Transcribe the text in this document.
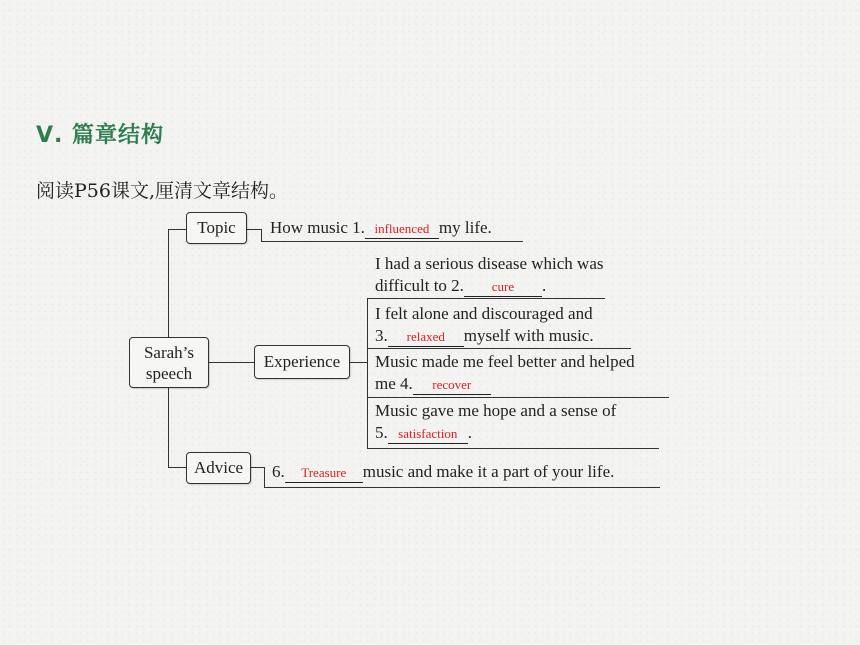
Ⅴ. 篇章结构
阅读P56课文,厘清文章结构。
Sarah’s speech
Topic
Experience
Advice
How music 1. influenced my life.
I had a serious disease which was
difficult to 2. cure .
I felt alone and discouraged and
3. relaxed myself with music.
Music made me feel better and helped
me 4. recover
Music gave me hope and a sense of
5. satisfaction .
6. Treasure music and make it a part of your life.
